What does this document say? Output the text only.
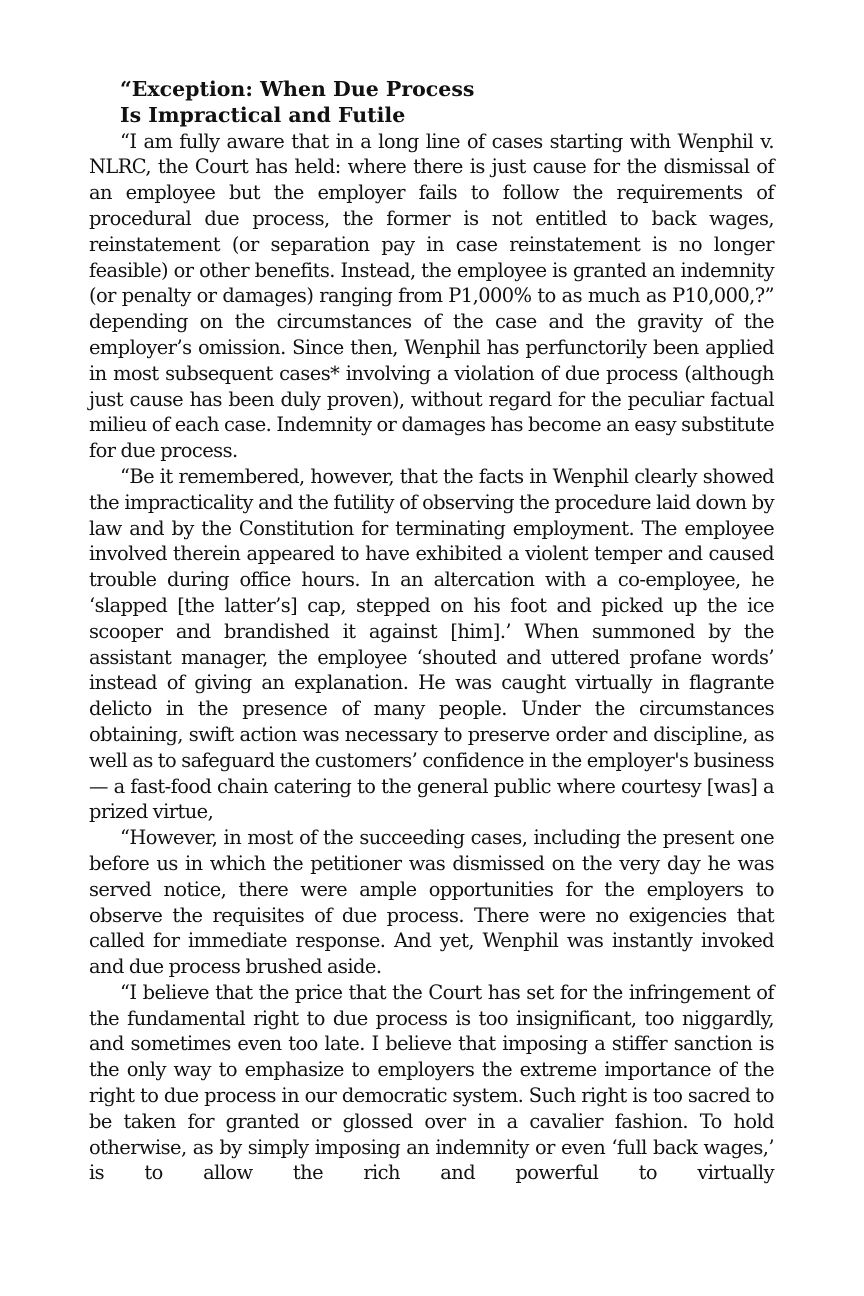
“Exception: When Due Process
Is Impractical and Futile

“I am fully aware that in a long line of cases starting with Wenphil v. NLRC, the Court has held: where there is just cause for the dismissal of an employee but the employer fails to follow the requirements of procedural due process, the former is not entitled to back wages, reinstatement (or separation pay in case reinstatement is no longer feasible) or other benefits. Instead, the employee is granted an indemnity (or penalty or damages) ranging from P1,000% to as much as P10,000,?” depending on the circumstances of the case and the gravity of the employer’s omission. Since then, Wenphil has perfunctorily been applied in most subsequent cases* involving a violation of due process (although just cause has been duly proven), without regard for the peculiar factual milieu of each case. Indemnity or damages has become an easy substitute for due process.

“Be it remembered, however, that the facts in Wenphil clearly showed the impracticality and the futility of observing the procedure laid down by law and by the Constitution for terminating employment. The employee involved therein appeared to have exhibited a violent temper and caused trouble during office hours. In an altercation with a co-employee, he ‘slapped [the latter’s] cap, stepped on his foot and picked up the ice scooper and brandished it against [him].’ When summoned by the assistant manager, the employee ‘shouted and uttered profane words’ instead of giving an explanation. He was caught virtually in flagrante delicto in the presence of many people. Under the circumstances obtaining, swift action was necessary to preserve order and discipline, as well as to safeguard the customers’ confidence in the employer's business — a fast-food chain catering to the general public where courtesy [was] a prized virtue,

“However, in most of the succeeding cases, including the present one before us in which the petitioner was dismissed on the very day he was served notice, there were ample opportunities for the employers to observe the requisites of due process. There were no exigencies that called for immediate response. And yet, Wenphil was instantly invoked and due process brushed aside.

“I believe that the price that the Court has set for the infringement of the fundamental right to due process is too insignificant, too niggardly, and sometimes even too late. I believe that imposing a stiffer sanction is the only way to emphasize to employers the extreme importance of the right to due process in our democratic system. Such right is too sacred to be taken for granted or glossed over in a cavalier fashion. To hold otherwise, as by simply imposing an indemnity or even ‘full back wages,’ is to allow the rich and powerful to virtually
